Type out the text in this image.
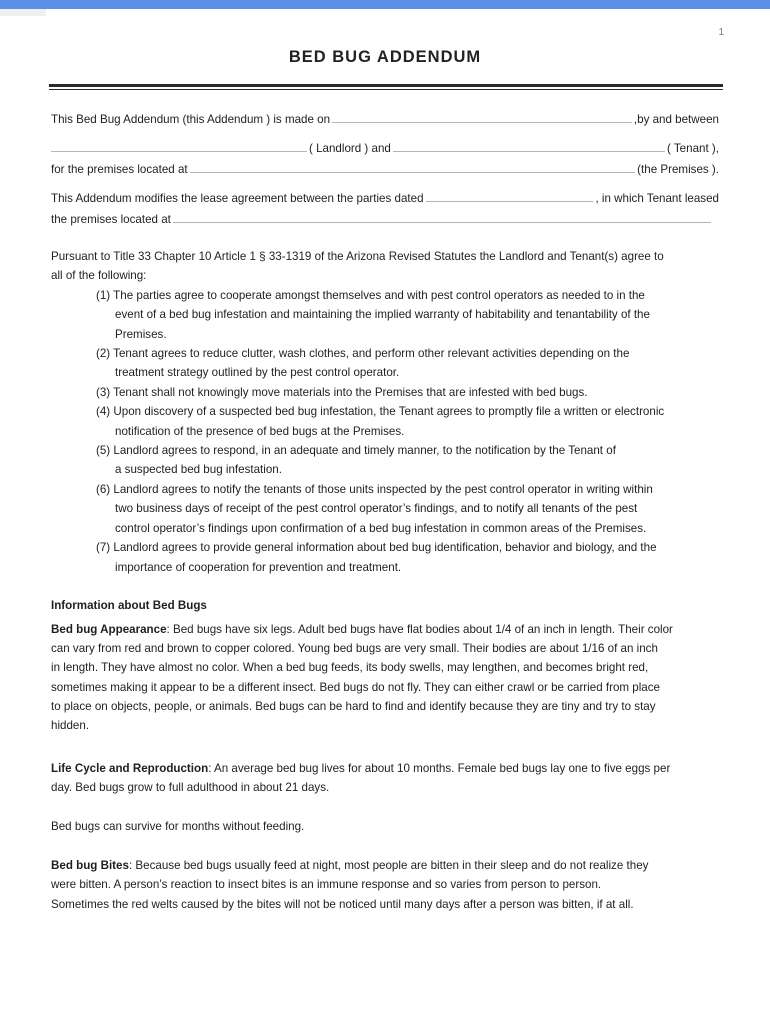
1
BED BUG ADDENDUM
This Bed Bug Addendum (this Addendum ) is made on	,by and between
( Landlord ) and	( Tenant ),
for the premises located at	(the Premises ).
This Addendum modifies the lease agreement between the parties dated	, in which Tenant leased
the premises located at
Pursuant to Title 33 Chapter 10 Article 1 § 33-1319 of the Arizona Revised Statutes the Landlord and Tenant(s) agree to
all of the following:
(1) The parties agree to cooperate amongst themselves and with pest control operators as needed to in the
event of a bed bug infestation and maintaining the implied warranty of habitability and tenantability of the
Premises.
(2) Tenant agrees to reduce clutter, wash clothes, and perform other relevant activities depending on the
treatment strategy outlined by the pest control operator.
(3) Tenant shall not knowingly move materials into the Premises that are infested with bed bugs.
(4) Upon discovery of a suspected bed bug infestation, the Tenant agrees to promptly file a written or electronic
notification of the presence of bed bugs at the Premises.
(5) Landlord agrees to respond, in an adequate and timely manner, to the notification by the Tenant of
a suspected bed bug infestation.
(6) Landlord agrees to notify the tenants of those units inspected by the pest control operator in writing within
two business days of receipt of the pest control operator’s findings, and to notify all tenants of the pest
control operator’s findings upon confirmation of a bed bug infestation in common areas of the Premises.
(7) Landlord agrees to provide general information about bed bug identification, behavior and biology, and the
importance of cooperation for prevention and treatment.
Information about Bed Bugs
Bed bug Appearance: Bed bugs have six legs. Adult bed bugs have flat bodies about 1/4 of an inch in length. Their color
can vary from red and brown to copper colored. Young bed bugs are very small. Their bodies are about 1/16 of an inch
in length. They have almost no color. When a bed bug feeds, its body swells, may lengthen, and becomes bright red,
sometimes making it appear to be a different insect. Bed bugs do not fly. They can either crawl or be carried from place
to place on objects, people, or animals. Bed bugs can be hard to find and identify because they are tiny and try to stay
hidden.
Life Cycle and Reproduction: An average bed bug lives for about 10 months. Female bed bugs lay one to five eggs per
day. Bed bugs grow to full adulthood in about 21 days.
Bed bugs can survive for months without feeding.
Bed bug Bites: Because bed bugs usually feed at night, most people are bitten in their sleep and do not realize they
were bitten. A person’s reaction to insect bites is an immune response and so varies from person to person.
Sometimes the red welts caused by the bites will not be noticed until many days after a person was bitten, if at all.
